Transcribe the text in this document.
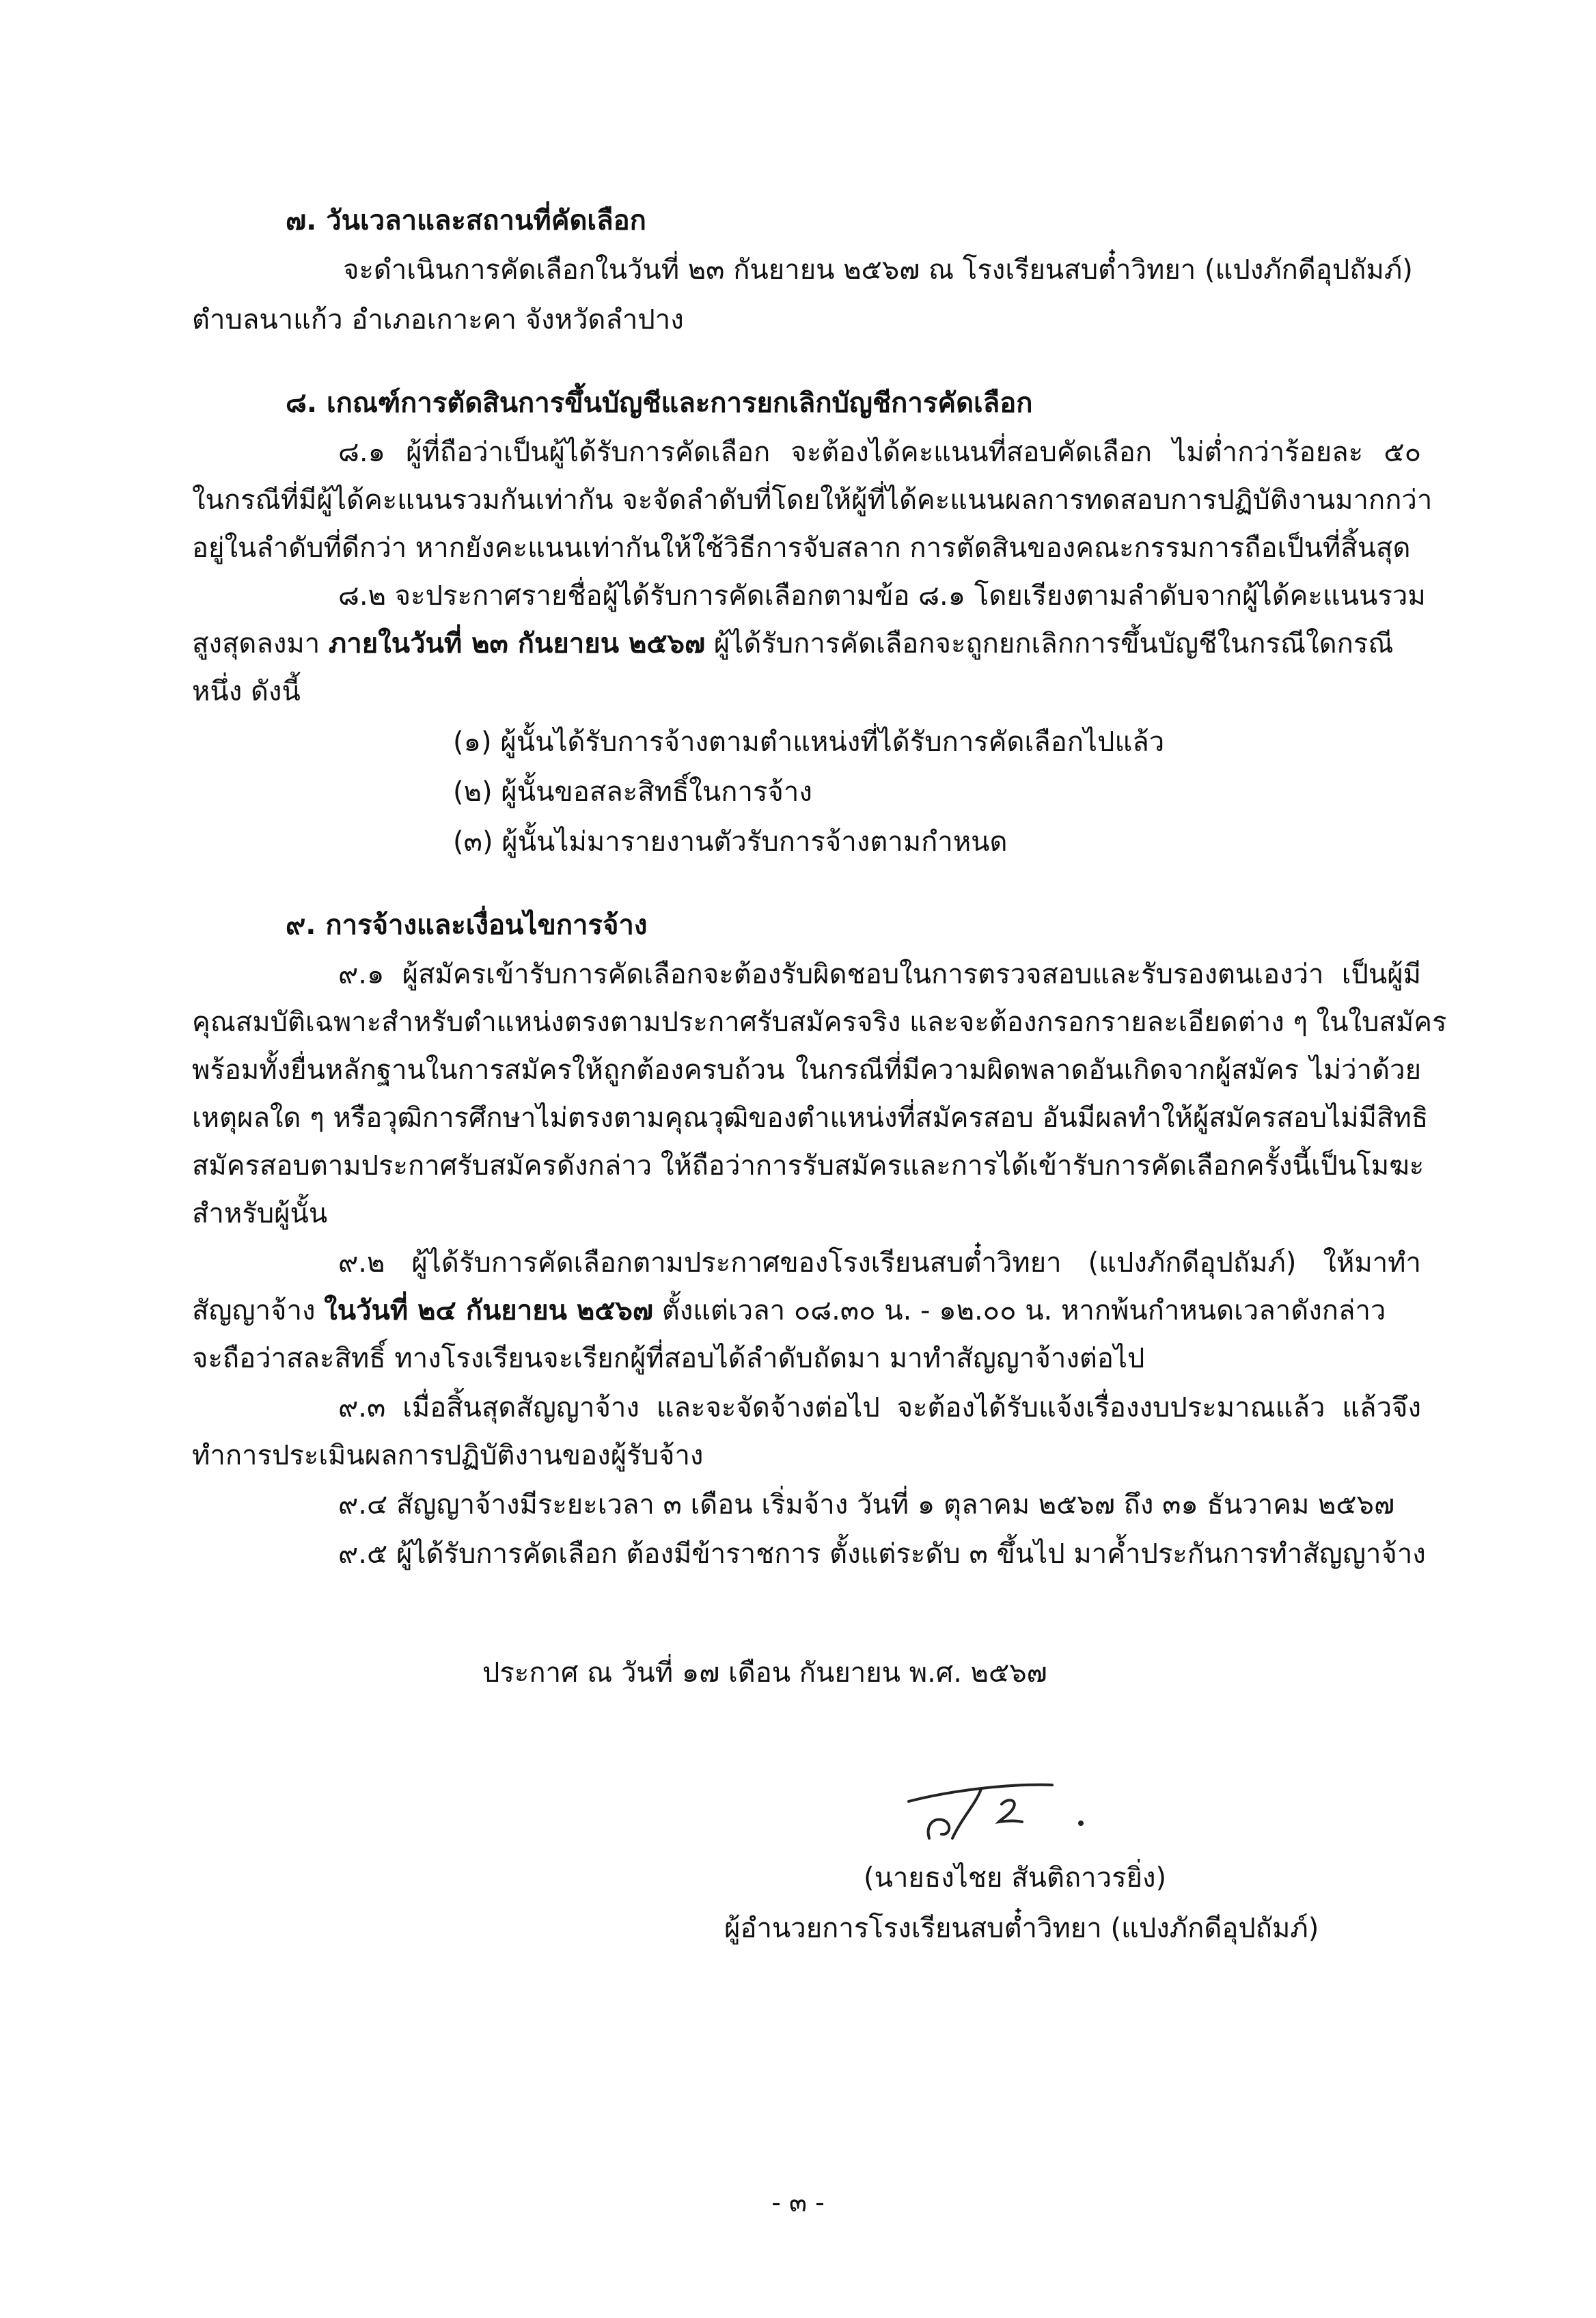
๗. วันเวลาและสถานที่คัดเลือก
จะดำเนินการคัดเลือกในวันที่ ๒๓ กันยายน ๒๕๖๗ ณ โรงเรียนสบต๋ำวิทยา (แปงภักดีอุปถัมภ์)
ตำบลนาแก้ว อำเภอเกาะคา จังหวัดลำปาง
๘. เกณฑ์การตัดสินการขึ้นบัญชีและการยกเลิกบัญชีการคัดเลือก
๘.๑ ผู้ที่ถือว่าเป็นผู้ได้รับการคัดเลือก จะต้องได้คะแนนที่สอบคัดเลือก ไม่ต่ำกว่าร้อยละ ๕๐
ในกรณีที่มีผู้ได้คะแนนรวมกันเท่ากัน จะจัดลำดับที่โดยให้ผู้ที่ได้คะแนนผลการทดสอบการปฏิบัติงานมากกว่า
อยู่ในลำดับที่ดีกว่า หากยังคะแนนเท่ากันให้ใช้วิธีการจับสลาก การตัดสินของคณะกรรมการถือเป็นที่สิ้นสุด
๘.๒ จะประกาศรายชื่อผู้ได้รับการคัดเลือกตามข้อ ๘.๑ โดยเรียงตามลำดับจากผู้ได้คะแนนรวม
สูงสุดลงมา ภายในวันที่ ๒๓ กันยายน ๒๕๖๗ ผู้ได้รับการคัดเลือกจะถูกยกเลิกการขึ้นบัญชีในกรณีใดกรณี
หนึ่ง ดังนี้
(๑) ผู้นั้นได้รับการจ้างตามตำแหน่งที่ได้รับการคัดเลือกไปแล้ว
(๒) ผู้นั้นขอสละสิทธิ์ในการจ้าง
(๓) ผู้นั้นไม่มารายงานตัวรับการจ้างตามกำหนด
๙. การจ้างและเงื่อนไขการจ้าง
๙.๑ ผู้สมัครเข้ารับการคัดเลือกจะต้องรับผิดชอบในการตรวจสอบและรับรองตนเองว่า เป็นผู้มี
คุณสมบัติเฉพาะสำหรับตำแหน่งตรงตามประกาศรับสมัครจริง และจะต้องกรอกรายละเอียดต่าง ๆ ในใบสมัคร
พร้อมทั้งยื่นหลักฐานในการสมัครให้ถูกต้องครบถ้วน ในกรณีที่มีความผิดพลาดอันเกิดจากผู้สมัคร ไม่ว่าด้วย
เหตุผลใด ๆ หรือวุฒิการศึกษาไม่ตรงตามคุณวุฒิของตำแหน่งที่สมัครสอบ อันมีผลทำให้ผู้สมัครสอบไม่มีสิทธิ
สมัครสอบตามประกาศรับสมัครดังกล่าว ให้ถือว่าการรับสมัครและการได้เข้ารับการคัดเลือกครั้งนี้เป็นโมฆะ
สำหรับผู้นั้น
๙.๒ ผู้ได้รับการคัดเลือกตามประกาศของโรงเรียนสบต๋ำวิทยา (แปงภักดีอุปถัมภ์) ให้มาทำ
สัญญาจ้าง ในวันที่ ๒๔ กันยายน ๒๕๖๗ ตั้งแต่เวลา ๐๘.๓๐ น. - ๑๒.๐๐ น. หากพ้นกำหนดเวลาดังกล่าว
จะถือว่าสละสิทธิ์ ทางโรงเรียนจะเรียกผู้ที่สอบได้ลำดับถัดมา มาทำสัญญาจ้างต่อไป
๙.๓ เมื่อสิ้นสุดสัญญาจ้าง และจะจัดจ้างต่อไป จะต้องได้รับแจ้งเรื่องงบประมาณแล้ว แล้วจึง
ทำการประเมินผลการปฏิบัติงานของผู้รับจ้าง
๙.๔ สัญญาจ้างมีระยะเวลา ๓ เดือน เริ่มจ้าง วันที่ ๑ ตุลาคม ๒๕๖๗ ถึง ๓๑ ธันวาคม ๒๕๖๗
๙.๕ ผู้ได้รับการคัดเลือก ต้องมีข้าราชการ ตั้งแต่ระดับ ๓ ขึ้นไป มาค้ำประกันการทำสัญญาจ้าง
ประกาศ ณ วันที่ ๑๗ เดือน กันยายน พ.ศ. ๒๕๖๗
(นายธงไชย สันติถาวรยิ่ง)
ผู้อำนวยการโรงเรียนสบต๋ำวิทยา (แปงภักดีอุปถัมภ์)
- ๓ -
